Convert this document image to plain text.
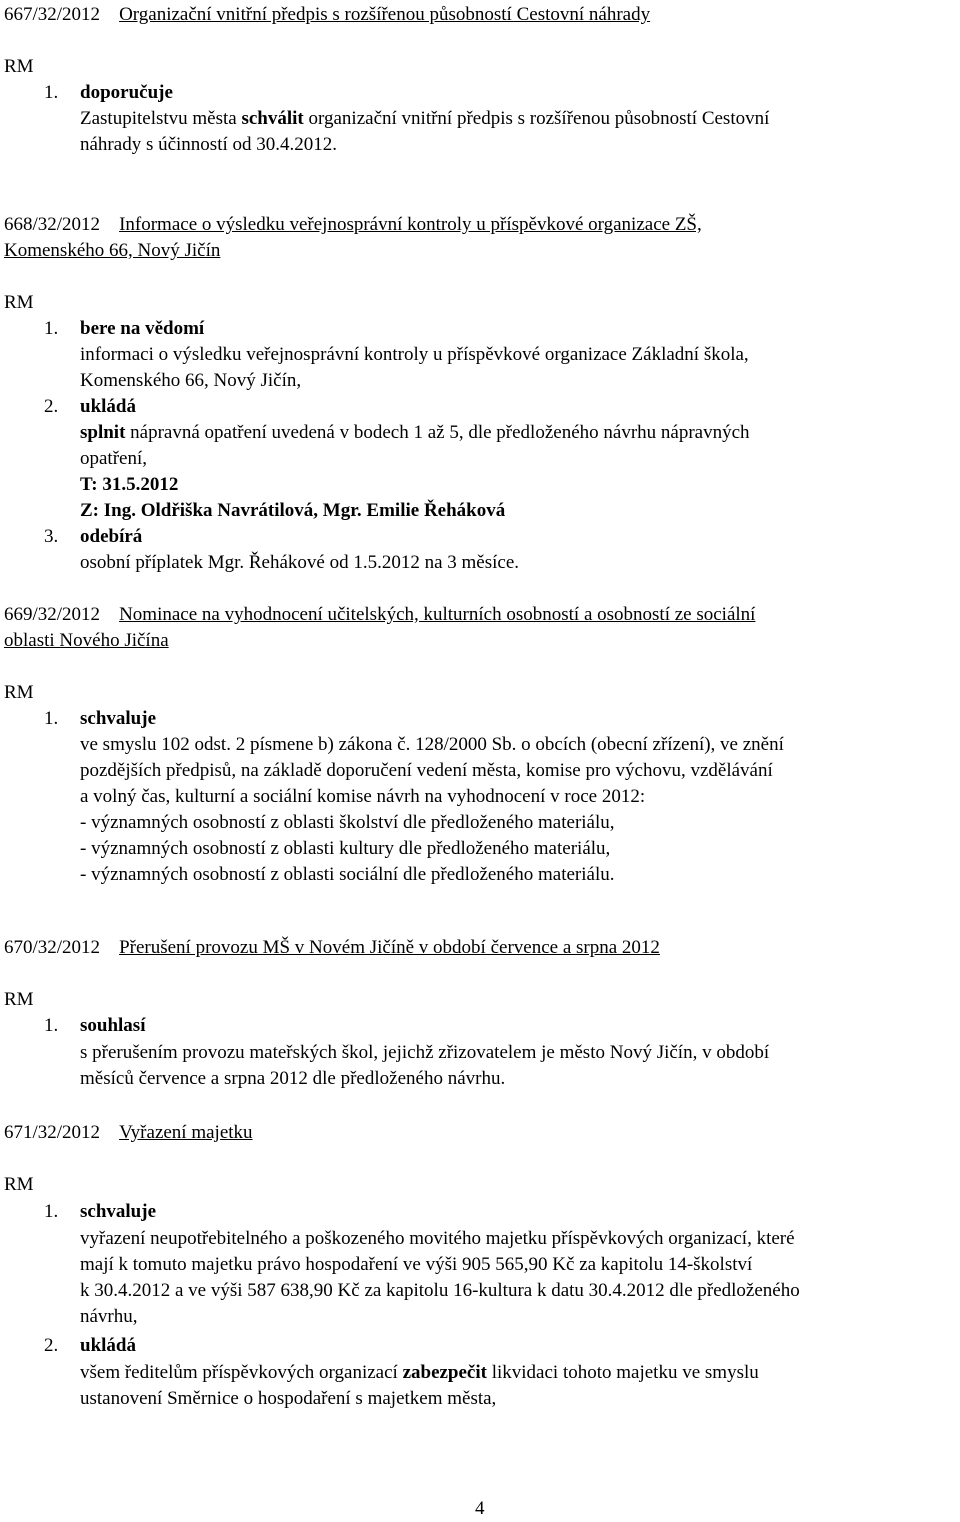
667/32/2012 Organizační vnitřní předpis s rozšířenou působností Cestovní náhrady
RM
1. doporučuje
Zastupitelstvu města schválit organizační vnitřní předpis s rozšířenou působností Cestovní
náhrady s účinností od 30.4.2012.
668/32/2012 Informace o výsledku veřejnosprávní kontroly u příspěvkové organizace ZŠ,
Komenského 66, Nový Jičín
RM
1. bere na vědomí
informaci o výsledku veřejnosprávní kontroly u příspěvkové organizace Základní škola,
Komenského 66, Nový Jičín,
2. ukládá
splnit nápravná opatření uvedená v bodech 1 až 5, dle předloženého návrhu nápravných
opatření,
T: 31.5.2012
Z: Ing. Oldřiška Navrátilová, Mgr. Emilie Řeháková
3. odebírá
osobní příplatek Mgr. Řehákové od 1.5.2012 na 3 měsíce.
669/32/2012 Nominace na vyhodnocení učitelských, kulturních osobností a osobností ze sociální
oblasti Nového Jičína
RM
1. schvaluje
ve smyslu 102 odst. 2 písmene b) zákona č. 128/2000 Sb. o obcích (obecní zřízení), ve znění
pozdějších předpisů, na základě doporučení vedení města, komise pro výchovu, vzdělávání
a volný čas, kulturní a sociální komise návrh na vyhodnocení v roce 2012:
- významných osobností z oblasti školství dle předloženého materiálu,
- významných osobností z oblasti kultury dle předloženého materiálu,
- významných osobností z oblasti sociální dle předloženého materiálu.
670/32/2012 Přerušení provozu MŠ v Novém Jičíně v období července a srpna 2012
RM
1. souhlasí
s přerušením provozu mateřských škol, jejichž zřizovatelem je město Nový Jičín, v období
měsíců července a srpna 2012 dle předloženého návrhu.
671/32/2012 Vyřazení majetku
RM
1. schvaluje
vyřazení neupotřebitelného a poškozeného movitého majetku příspěvkových organizací, které
mají k tomuto majetku právo hospodaření ve výši 905 565,90 Kč za kapitolu 14-školství
k 30.4.2012 a ve výši 587 638,90 Kč za kapitolu 16-kultura k datu 30.4.2012 dle předloženého
návrhu,
2. ukládá
všem ředitelům příspěvkových organizací zabezpečit likvidaci tohoto majetku ve smyslu
ustanovení Směrnice o hospodaření s majetkem města,
4
